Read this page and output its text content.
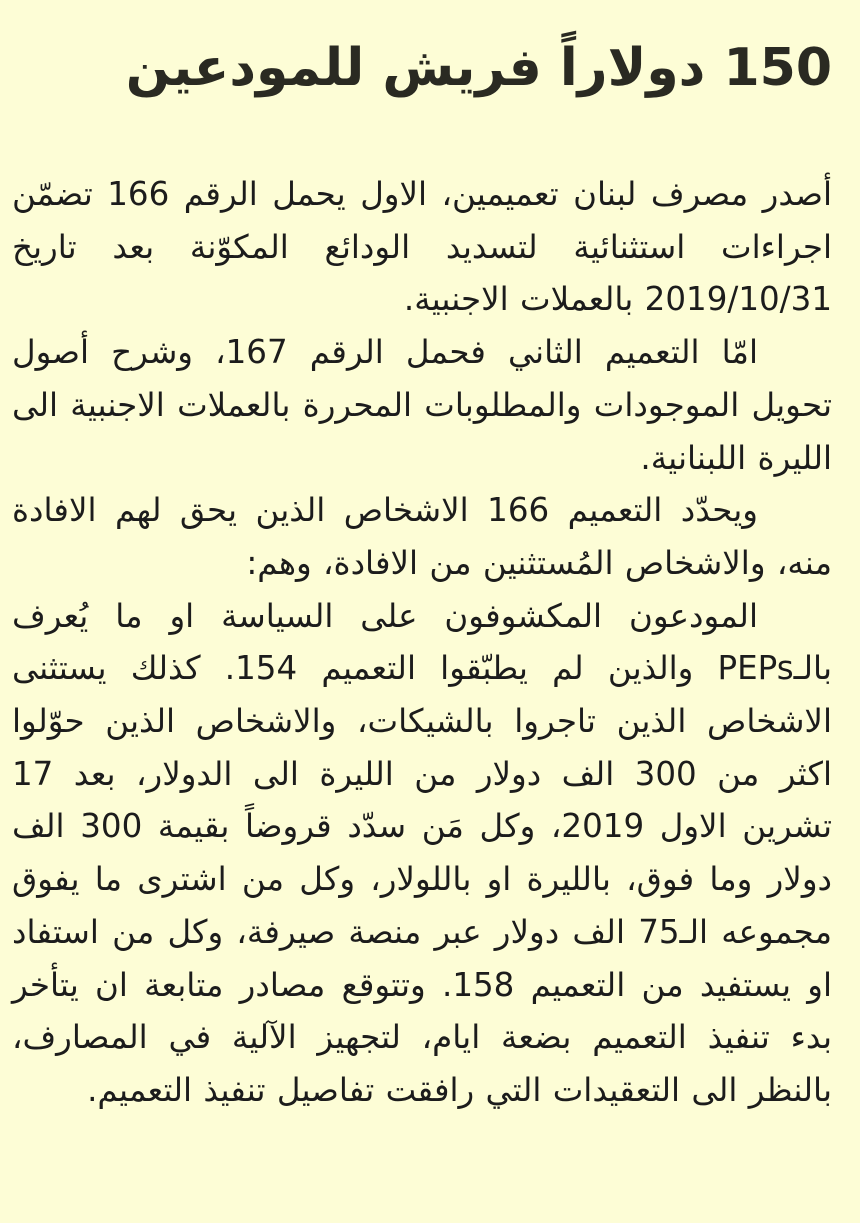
150 دولاراً فريش للمودعين

أصدر مصرف لبنان تعميمين، الاول يحمل الرقم 166 تضمّن اجراءات استثنائية لتسديد الودائع المكوّنة بعد تاريخ 2019/10/31 بالعملات الاجنبية.

امّا التعميم الثاني فحمل الرقم 167، وشرح أصول تحويل الموجودات والمطلوبات المحررة بالعملات الاجنبية الى الليرة اللبنانية.

ويحدّد التعميم 166 الاشخاص الذين يحق لهم الافادة منه، والاشخاص المُستثنين من الافادة، وهم:

المودعون المكشوفون على السياسة او ما يُعرف بالـPEPs والذين لم يطبّقوا التعميم 154. كذلك يستثنى الاشخاص الذين تاجروا بالشيكات، والاشخاص الذين حوّلوا اكثر من 300 الف دولار من الليرة الى الدولار، بعد 17 تشرين الاول 2019، وكل مَن سدّد قروضاً بقيمة 300 الف دولار وما فوق، بالليرة او باللولار، وكل من اشترى ما يفوق مجموعه الـ75 الف دولار عبر منصة صيرفة، وكل من استفاد او يستفيد من التعميم 158. وتتوقع مصادر متابعة ان يتأخر بدء تنفيذ التعميم بضعة ايام، لتجهيز الآلية في المصارف، بالنظر الى التعقيدات التي رافقت تفاصيل تنفيذ التعميم.
